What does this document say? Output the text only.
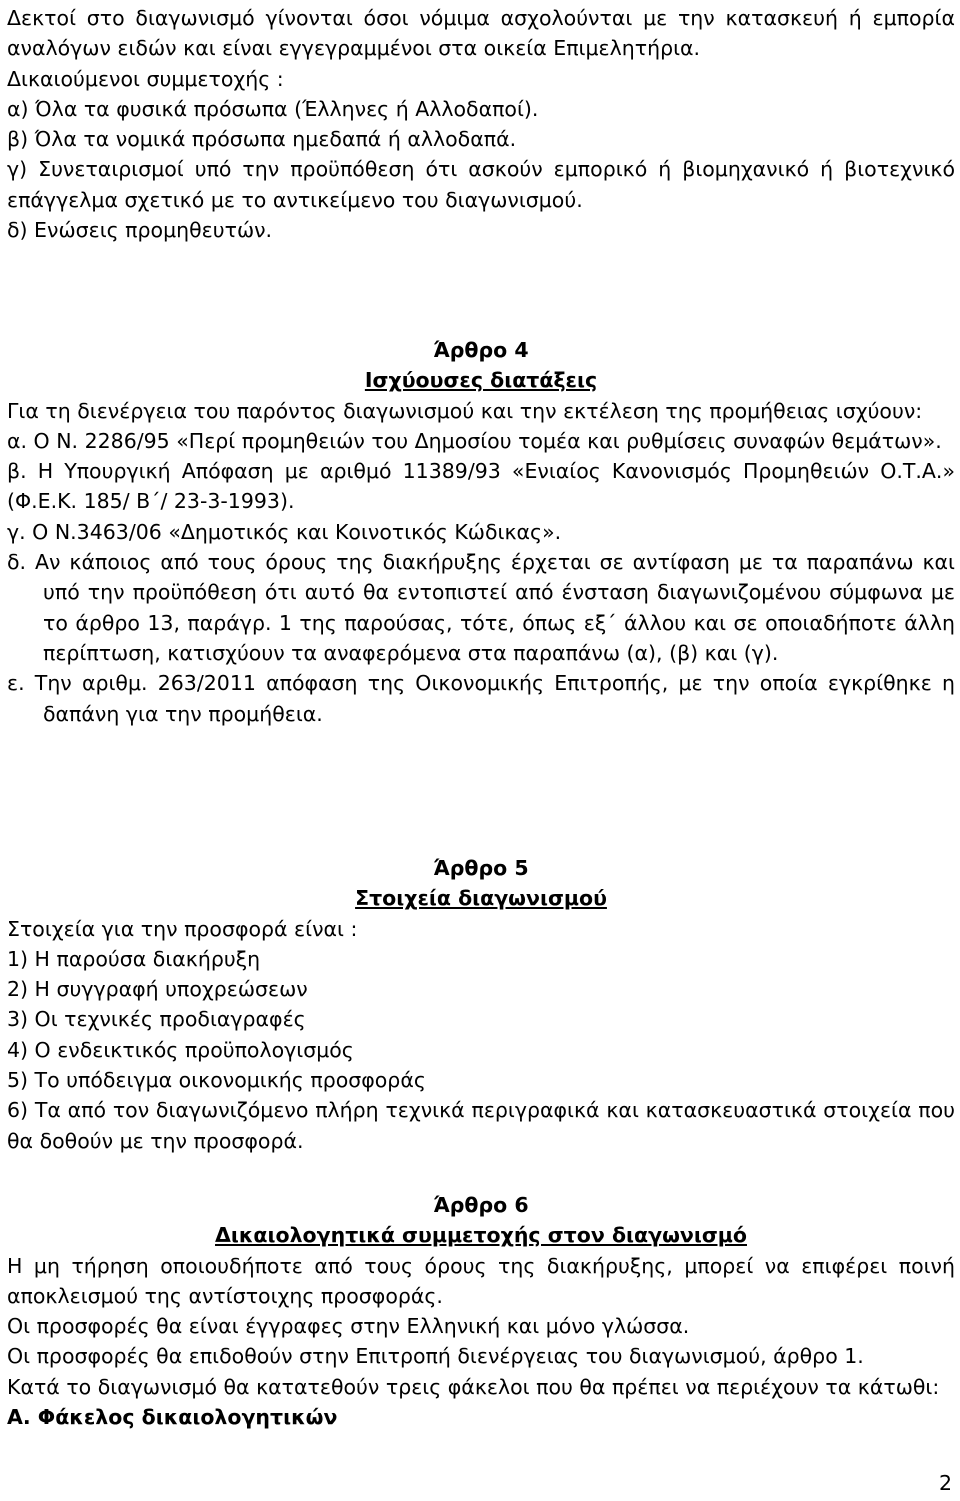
Δεκτοί στο διαγωνισμό γίνονται όσοι νόμιμα ασχολούνται με την κατασκευή ή εμπορία αναλόγων ειδών και είναι εγγεγραμμένοι στα οικεία Επιμελητήρια.

Δικαιούμενοι συμμετοχής :

α) Όλα τα φυσικά πρόσωπα (Έλληνες ή Αλλοδαποί).

β) Όλα τα νομικά πρόσωπα ημεδαπά ή αλλοδαπά.

γ) Συνεταιρισμοί υπό την προϋπόθεση ότι ασκούν εμπορικό ή βιομηχανικό ή βιοτεχνικό επάγγελμα σχετικό με το αντικείμενο του διαγωνισμού.

δ) Ενώσεις προμηθευτών.

Άρθρο 4

Ισχύουσες διατάξεις

Για τη διενέργεια του παρόντος διαγωνισμού και την εκτέλεση της προμήθειας ισχύουν:

α. Ο Ν. 2286/95 «Περί προμηθειών του Δημοσίου τομέα και ρυθμίσεις συναφών θεμάτων».

β. Η Υπουργική Απόφαση με αριθμό 11389/93 «Ενιαίος Κανονισμός Προμηθειών Ο.Τ.Α.» (Φ.Ε.Κ. 185/ Β΄/ 23-3-1993).

γ. Ο Ν.3463/06 «Δημοτικός και Κοινοτικός Κώδικας».

δ. Αν κάποιος από τους όρους της διακήρυξης έρχεται σε αντίφαση με τα παραπάνω και υπό την προϋπόθεση ότι αυτό θα εντοπιστεί από ένσταση διαγωνιζομένου σύμφωνα με το άρθρο 13, παράγρ. 1 της παρούσας, τότε, όπως εξ΄ άλλου και σε οποιαδήποτε άλλη περίπτωση, κατισχύουν τα αναφερόμενα στα παραπάνω (α), (β) και (γ).

ε. Την αριθμ. 263/2011 απόφαση της Οικονομικής Επιτροπής, με την οποία εγκρίθηκε η δαπάνη για την προμήθεια.

Άρθρο 5

Στοιχεία διαγωνισμού

Στοιχεία για την προσφορά είναι :

1) Η παρούσα διακήρυξη

2) Η συγγραφή υποχρεώσεων

3) Οι τεχνικές προδιαγραφές

4) Ο ενδεικτικός προϋπολογισμός

5) Το υπόδειγμα οικονομικής προσφοράς

6) Τα από τον διαγωνιζόμενο πλήρη τεχνικά περιγραφικά και κατασκευαστικά στοιχεία που θα δοθούν με την προσφορά.

Άρθρο 6

Δικαιολογητικά συμμετοχής στον διαγωνισμό

Η μη τήρηση οποιουδήποτε από τους όρους της διακήρυξης, μπορεί να επιφέρει ποινή αποκλεισμού της αντίστοιχης προσφοράς.

Οι προσφορές θα είναι έγγραφες στην Ελληνική και μόνο γλώσσα.

Οι προσφορές θα επιδοθούν στην Επιτροπή διενέργειας του διαγωνισμού, άρθρο 1.

Κατά το διαγωνισμό θα κατατεθούν τρεις φάκελοι που θα πρέπει να περιέχουν τα κάτωθι:

Α. Φάκελος δικαιολογητικών

2
